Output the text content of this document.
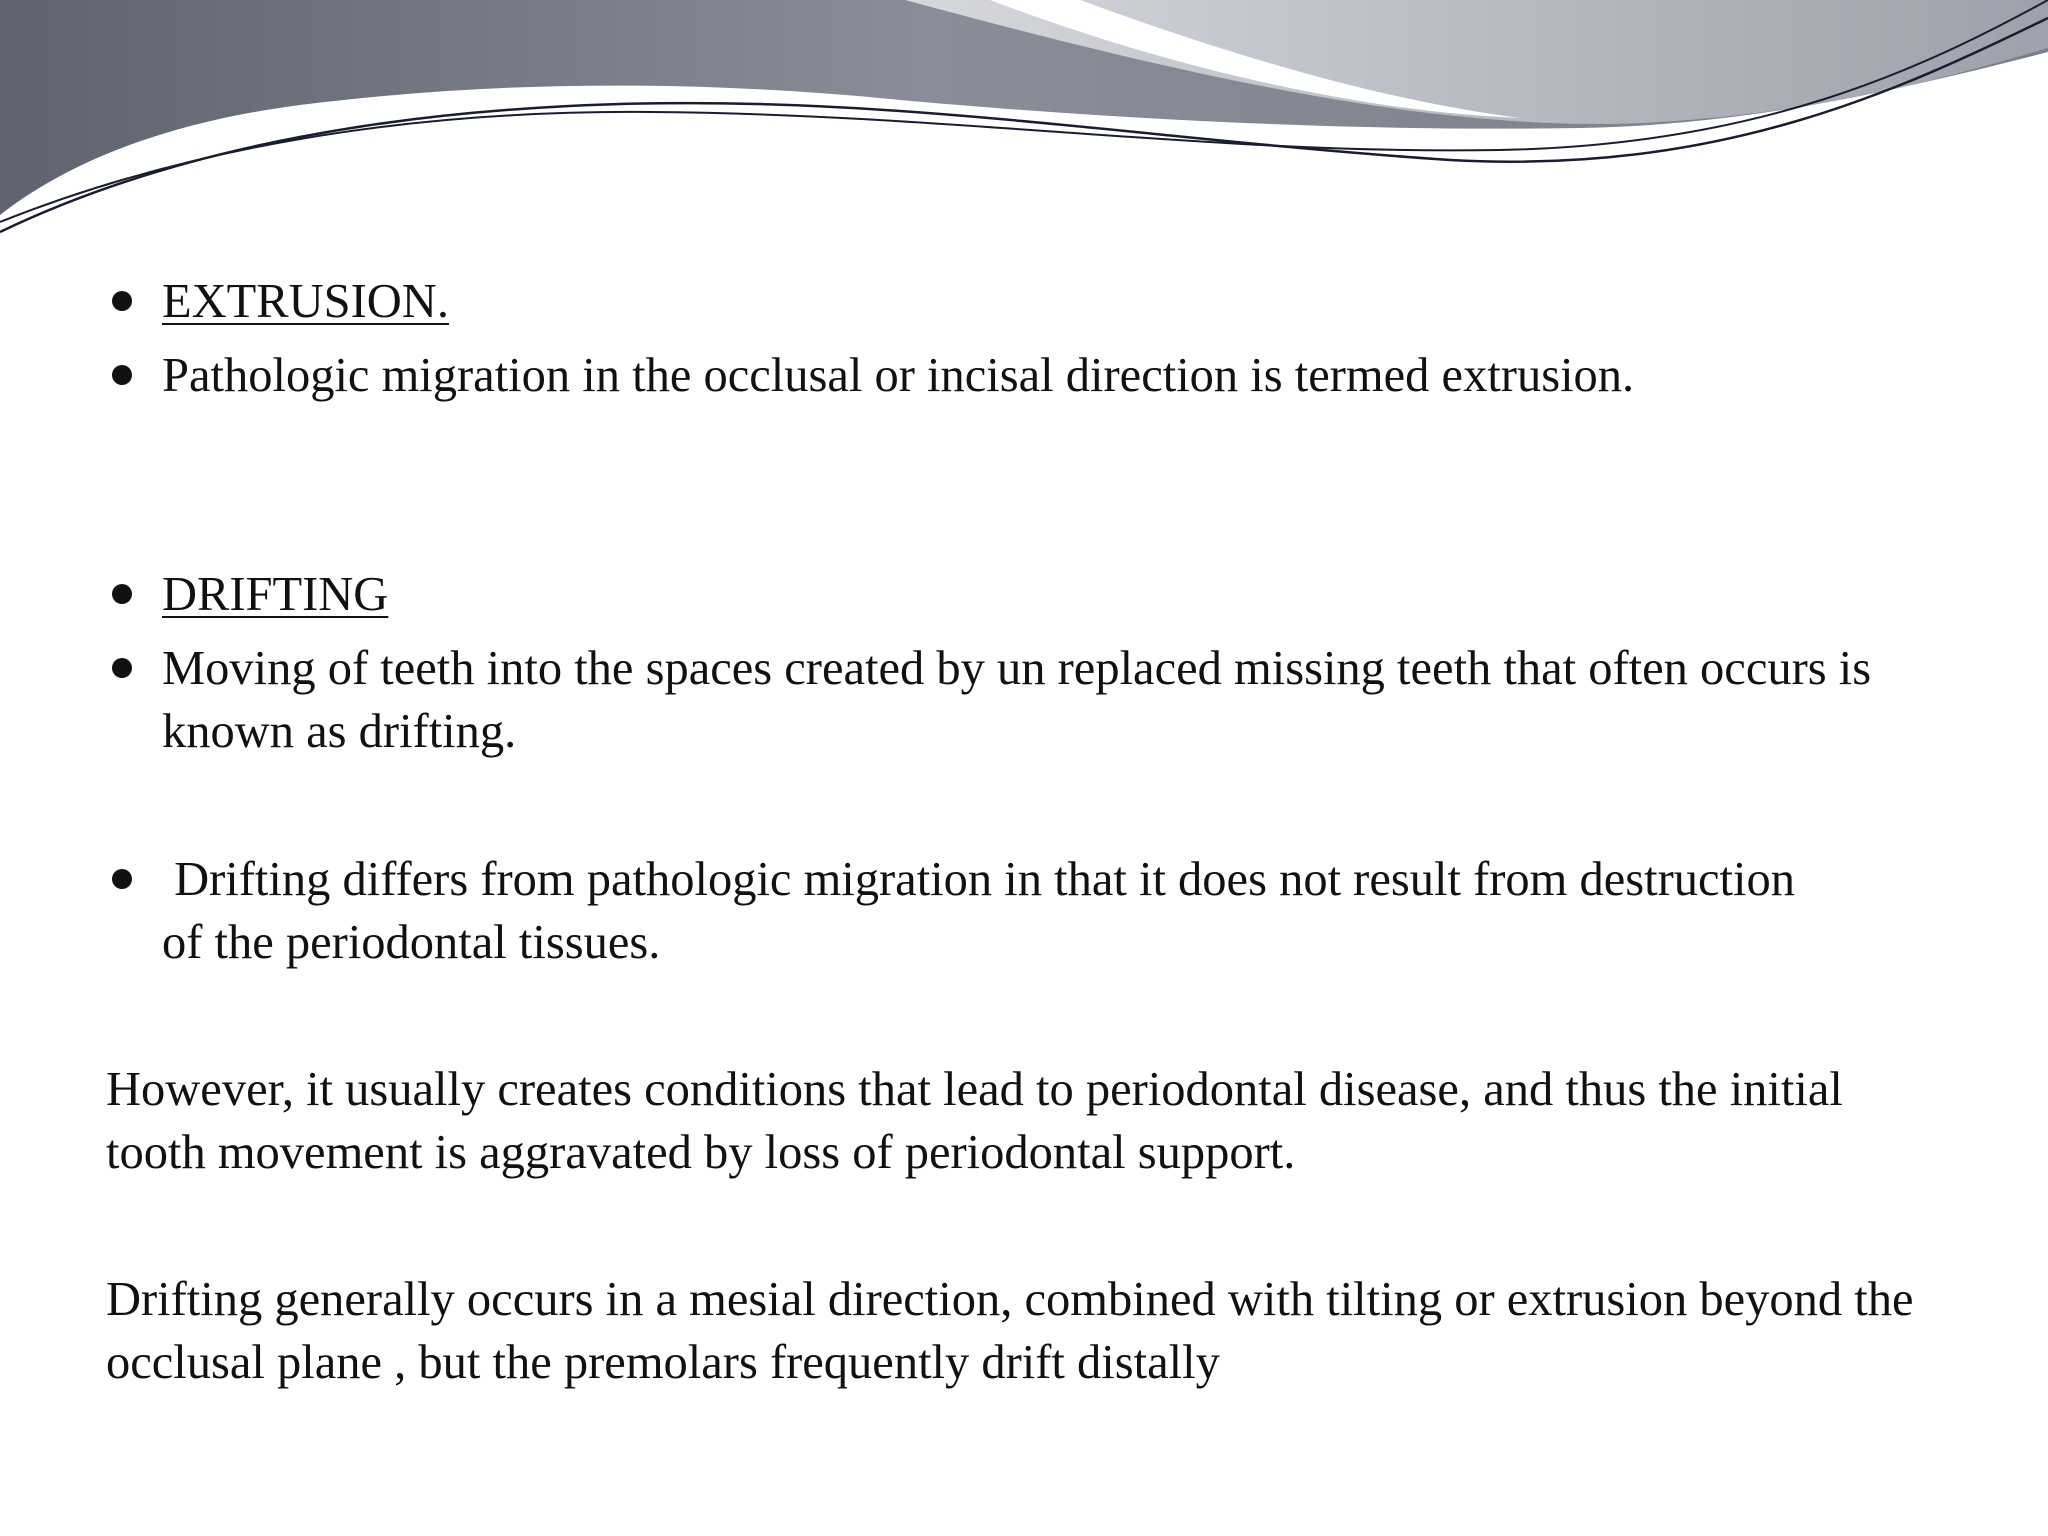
EXTRUSION.
Pathologic migration in the occlusal or incisal direction is termed extrusion.
DRIFTING
Moving of teeth into the spaces created by un replaced missing teeth that often occurs is known as drifting.
Drifting differs from pathologic migration in that it does not result from destruction of the periodontal tissues.
However, it usually creates conditions that lead to periodontal disease, and thus the initial tooth movement is aggravated by loss of periodontal support.
Drifting generally occurs in a mesial direction, combined with tilting or extrusion beyond the occlusal plane , but the premolars frequently drift distally
